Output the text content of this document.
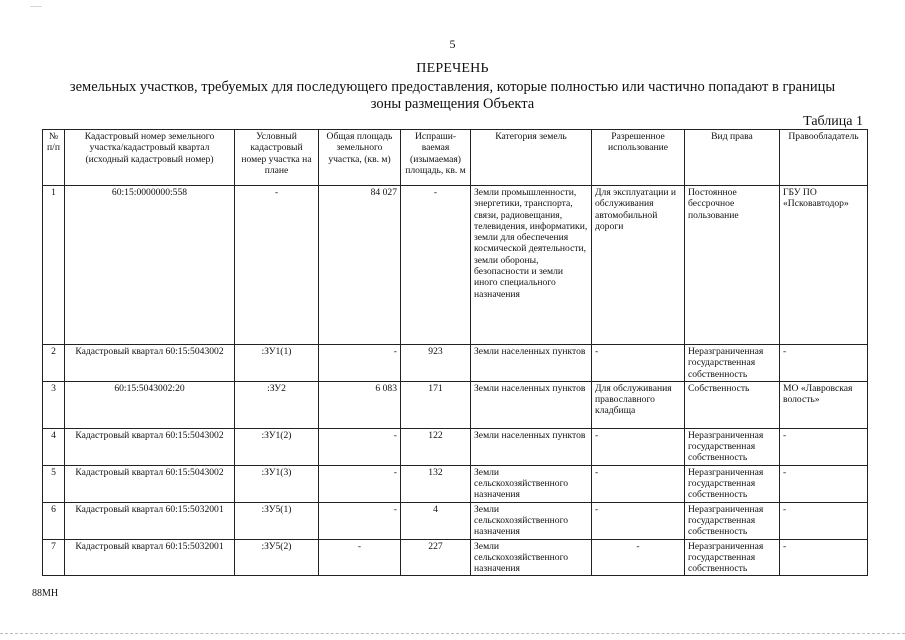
......
5
ПЕРЕЧЕНЬ
земельных участков, требуемых для последующего предоставления, которые полностью или частично попадают в границы
зоны размещения Объекта
Таблица 1
№ п/п	Кадастровый номер земельного участка/кадастровый квартал (исходный кадастровый номер)	Условный кадастровый номер участка на плане	Общая площадь земельного участка, (кв. м)	Испраши-ваемая (изымаемая) площадь, кв. м	Категория земель	Разрешенное использование	Вид права	Правообладатель
1	60:15:0000000:558	-	84 027	-	Земли промышленности, энергетики, транспорта, связи, радиовещания, телевидения, информатики, земли для обеспечения космической деятельности, земли обороны, безопасности и земли иного специального назначения	Для эксплуатации и обслуживания автомобильной дороги	Постоянное бессрочное пользование	ГБУ ПО «Псковавтодор»
2	Кадастровый квартал 60:15:5043002	:ЗУ1(1)	-	923	Земли населенных пунктов	-	Неразграниченная государственная собственность	-
3	60:15:5043002:20	:ЗУ2	6 083	171	Земли населенных пунктов	Для обслуживания православного кладбища	Собственность	МО «Лавровская волость»
4	Кадастровый квартал 60:15:5043002	:ЗУ1(2)	-	122	Земли населенных пунктов	-	Неразграниченная государственная собственность	-
5	Кадастровый квартал 60:15:5043002	:ЗУ1(3)	-	132	Земли сельскохозяйственного назначения	-	Неразграниченная государственная собственность	-
6	Кадастровый квартал 60:15:5032001	:ЗУ5(1)	-	4	Земли сельскохозяйственного назначения	-	Неразграниченная государственная собственность	-
7	Кадастровый квартал 60:15:5032001	:ЗУ5(2)	-	227	Земли сельскохозяйственного назначения	-	Неразграниченная государственная собственность	-
88МН
